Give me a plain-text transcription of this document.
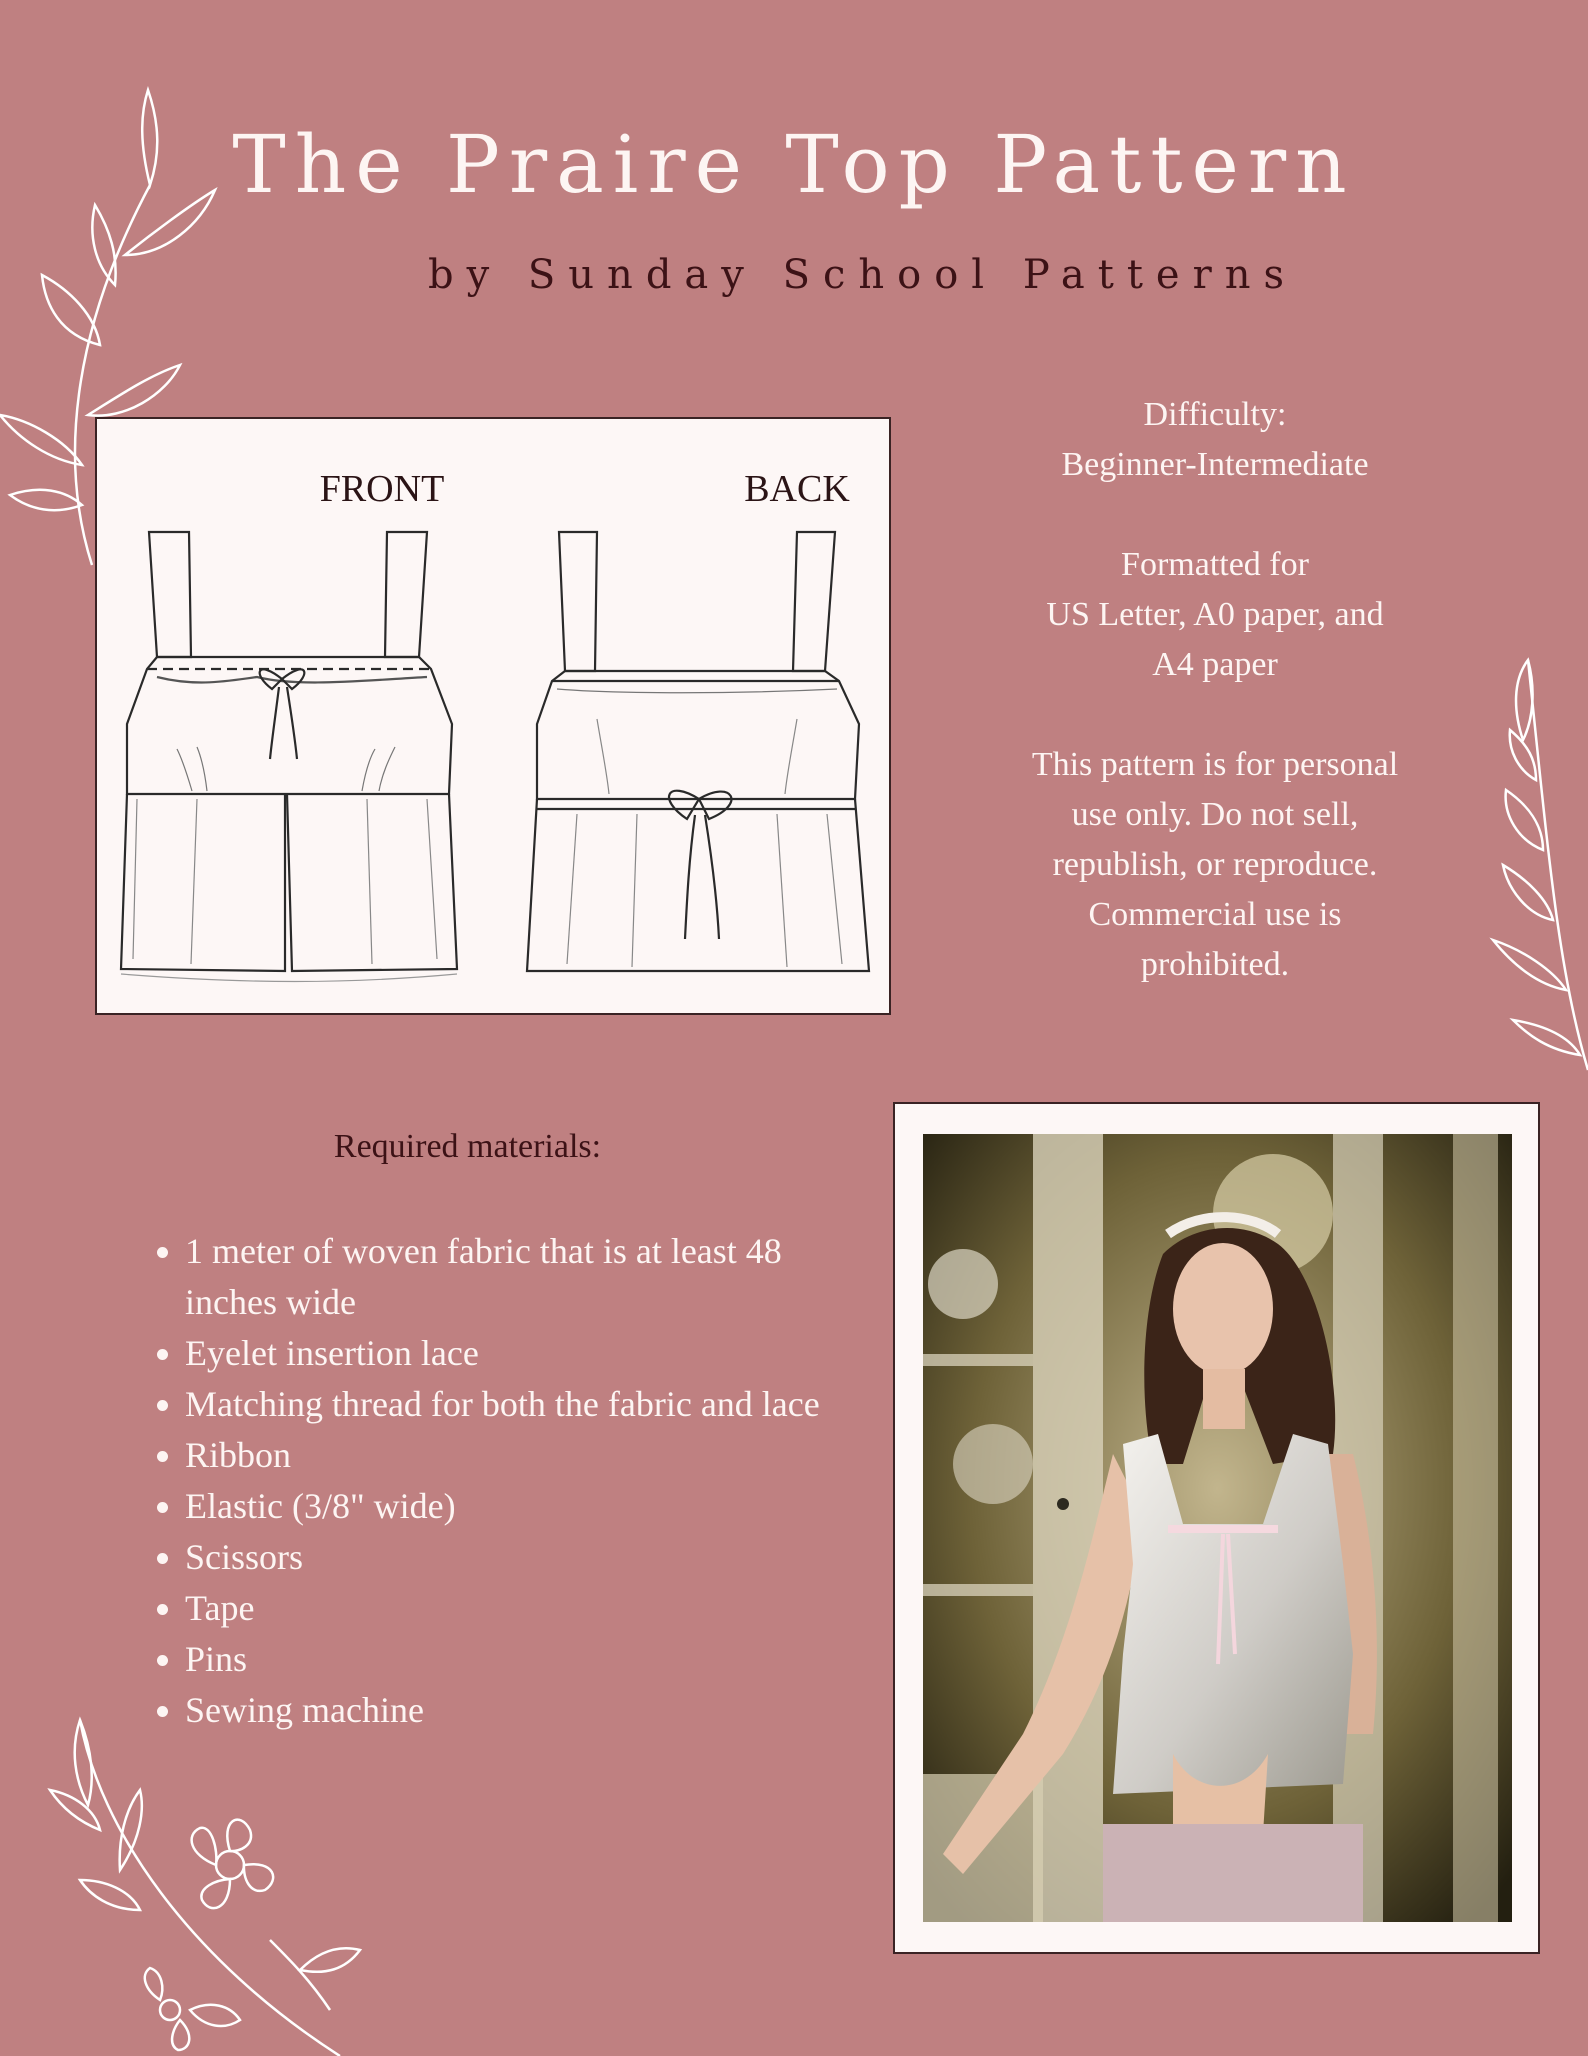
The Praire Top Pattern
by Sunday School Patterns
FRONT	BACK

Difficulty:
Beginner-Intermediate

Formatted for
US Letter, A0 paper, and
A4 paper

This pattern is for personal
use only. Do not sell,
republish, or reproduce.
Commercial use is
prohibited.

Required materials:
• 1 meter of woven fabric that is at least 48 inches wide
• Eyelet insertion lace
• Matching thread for both the fabric and lace
• Ribbon
• Elastic (3/8" wide)
• Scissors
• Tape
• Pins
• Sewing machine
